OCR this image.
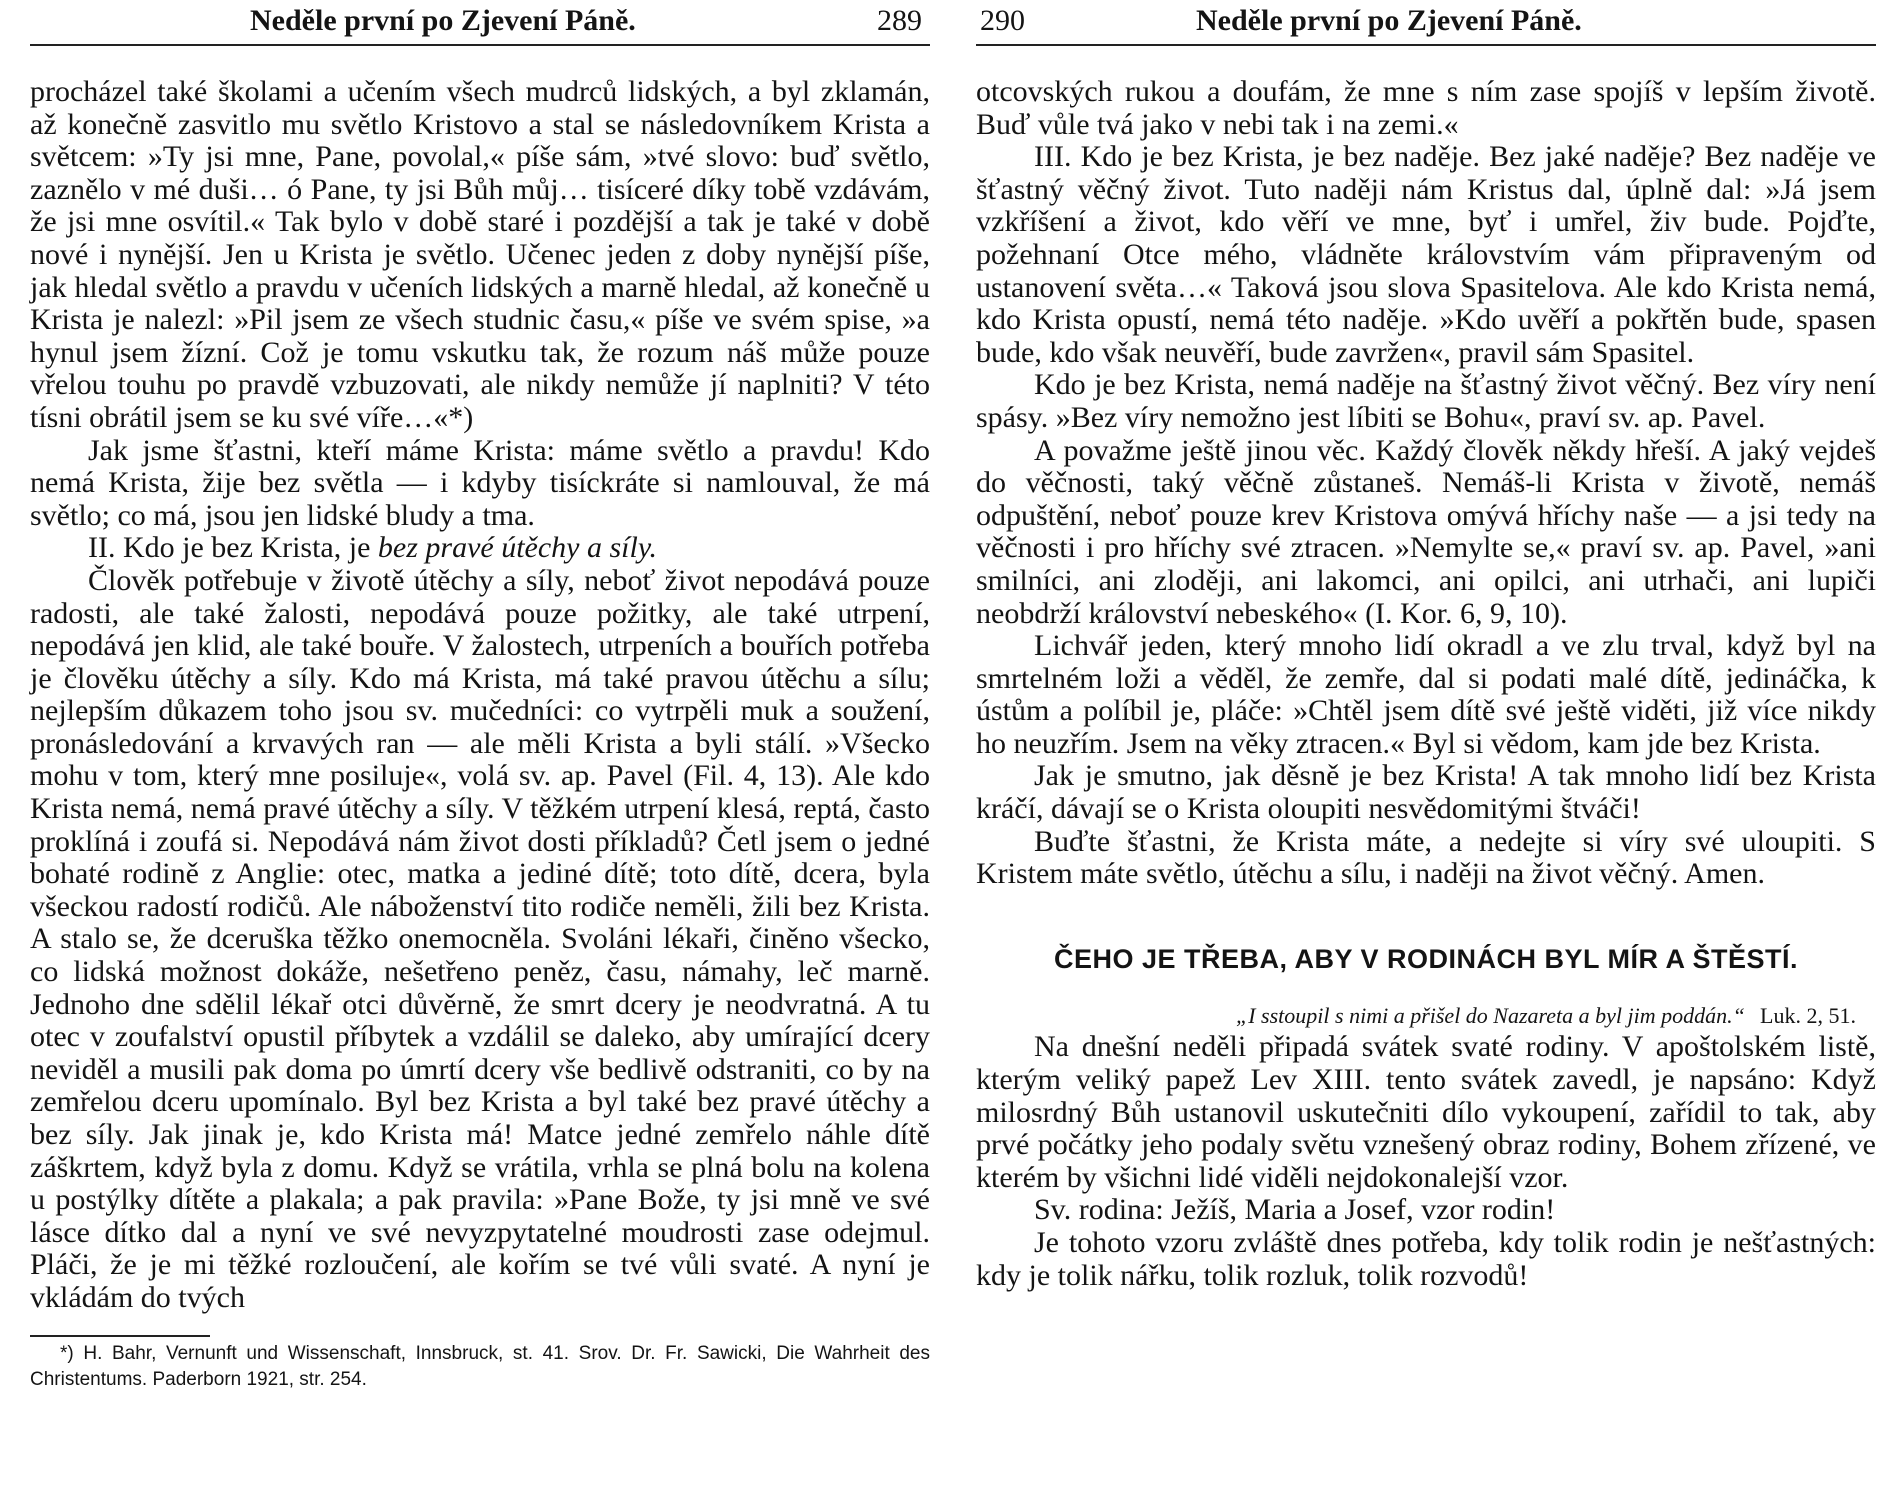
Neděle první po Zjevení Páně.	289

procházel také školami a učením všech mudrců lidských, a byl zklamán, až konečně zasvitlo mu světlo Kristovo a stal se následovníkem Krista a světcem: »Ty jsi mne, Pane, povolal,« píše sám, »tvé slovo: buď světlo, zaznělo v mé duši… ó Pane, ty jsi Bůh můj… tisíceré díky tobě vzdávám, že jsi mne osvítil.« Tak bylo v době staré i pozdější a tak je také v době nové i nynější. Jen u Krista je světlo. Učenec jeden z doby nynější píše, jak hledal světlo a pravdu v učeních lidských a marně hledal, až konečně u Krista je nalezl: »Pil jsem ze všech studnic času,« píše ve svém spise, »a hynul jsem žízní. Což je tomu vskutku tak, že rozum náš může pouze vřelou touhu po pravdě vzbuzovati, ale nikdy nemůže jí naplniti? V této tísni obrátil jsem se ku své víře…«*)

Jak jsme šťastni, kteří máme Krista: máme světlo a pravdu! Kdo nemá Krista, žije bez světla — i kdyby tisíckráte si namlouval, že má světlo; co má, jsou jen lidské bludy a tma.

II. Kdo je bez Krista, je bez pravé útěchy a síly.

Člověk potřebuje v životě útěchy a síly, neboť život nepodává pouze radosti, ale také žalosti, nepodává pouze požitky, ale také utrpení, nepodává jen klid, ale také bouře. V žalostech, utrpeních a bouřích potřeba je člověku útěchy a síly. Kdo má Krista, má také pravou útěchu a sílu; nejlepším důkazem toho jsou sv. mučedníci: co vytrpěli muk a soužení, pronásledování a krvavých ran — ale měli Krista a byli stálí. »Všecko mohu v tom, který mne posiluje«, volá sv. ap. Pavel (Fil. 4, 13). Ale kdo Krista nemá, nemá pravé útěchy a síly. V těžkém utrpení klesá, reptá, často proklíná i zoufá si. Nepodává nám život dosti příkladů? Četl jsem o jedné bohaté rodině z Anglie: otec, matka a jediné dítě; toto dítě, dcera, byla všeckou radostí rodičů. Ale náboženství tito rodiče neměli, žili bez Krista. A stalo se, že dceruška těžko onemocněla. Svoláni lékaři, činěno všecko, co lidská možnost dokáže, nešetřeno peněz, času, námahy, leč marně. Jednoho dne sdělil lékař otci důvěrně, že smrt dcery je neodvratná. A tu otec v zoufalství opustil příbytek a vzdálil se daleko, aby umírající dcery neviděl a musili pak doma po úmrtí dcery vše bedlivě odstraniti, co by na zemřelou dceru upomínalo. Byl bez Krista a byl také bez pravé útěchy a bez síly. Jak jinak je, kdo Krista má! Matce jedné zemřelo náhle dítě záškrtem, když byla z domu. Když se vrátila, vrhla se plná bolu na kolena u postýlky dítěte a plakala; a pak pravila: »Pane Bože, ty jsi mně ve své lásce dítko dal a nyní ve své nevyzpytatelné moudrosti zase odejmul. Pláči, že je mi těžké rozloučení, ale kořím se tvé vůli svaté. A nyní je vkládám do tvých

*) H. Bahr, Vernunft und Wissenschaft, Innsbruck, st. 41. Srov. Dr. Fr. Sawicki, Die Wahrheit des Christentums. Paderborn 1921, str. 254.
290	Neděle první po Zjevení Páně.

otcovských rukou a doufám, že mne s ním zase spojíš v lepším životě. Buď vůle tvá jako v nebi tak i na zemi.«

III. Kdo je bez Krista, je bez naděje. Bez jaké naděje? Bez naděje ve šťastný věčný život. Tuto naději nám Kristus dal, úplně dal: »Já jsem vzkříšení a život, kdo věří ve mne, byť i umřel, živ bude. Pojďte, požehnaní Otce mého, vládněte královstvím vám připraveným od ustanovení světa…« Taková jsou slova Spasitelova. Ale kdo Krista nemá, kdo Krista opustí, nemá této naděje. »Kdo uvěří a pokřtěn bude, spasen bude, kdo však neuvěří, bude zavržen«, pravil sám Spasitel.

Kdo je bez Krista, nemá naděje na šťastný život věčný. Bez víry není spásy. »Bez víry nemožno jest líbiti se Bohu«, praví sv. ap. Pavel.

A považme ještě jinou věc. Každý člověk někdy hřeší. A jaký vejdeš do věčnosti, taký věčně zůstaneš. Nemáš-li Krista v životě, nemáš odpuštění, neboť pouze krev Kristova omývá hříchy naše — a jsi tedy na věčnosti i pro hříchy své ztracen. »Nemylte se,« praví sv. ap. Pavel, »ani smilníci, ani zloději, ani lakomci, ani opilci, ani utrhači, ani lupiči neobdrží království nebeského« (I. Kor. 6, 9, 10).

Lichvář jeden, který mnoho lidí okradl a ve zlu trval, když byl na smrtelném loži a věděl, že zemře, dal si podati malé dítě, jedináčka, k ústům a políbil je, pláče: »Chtěl jsem dítě své ještě viděti, již více nikdy ho neuzřím. Jsem na věky ztracen.« Byl si vědom, kam jde bez Krista.

Jak je smutno, jak děsně je bez Krista! A tak mnoho lidí bez Krista kráčí, dávají se o Krista oloupiti nesvědomitými štváči!

Buďte šťastni, že Krista máte, a nedejte si víry své uloupiti. S Kristem máte světlo, útěchu a sílu, i naději na život věčný. Amen.

ČEHO JE TŘEBA, ABY V RODINÁCH BYL MÍR A ŠTĚSTÍ.
„I sstoupil s nimi a přišel do Nazareta a byl jim poddán.“ Luk. 2, 51.

Na dnešní neděli připadá svátek svaté rodiny. V apoštolském listě, kterým veliký papež Lev XIII. tento svátek zavedl, je napsáno: Když milosrdný Bůh ustanovil uskutečniti dílo vykoupení, zařídil to tak, aby prvé počátky jeho podaly světu vznešený obraz rodiny, Bohem zřízené, ve kterém by všichni lidé viděli nejdokonalejší vzor.

Sv. rodina: Ježíš, Maria a Josef, vzor rodin!

Je tohoto vzoru zvláště dnes potřeba, kdy tolik rodin je nešťastných: kdy je tolik nářku, tolik rozluk, tolik rozvodů!
